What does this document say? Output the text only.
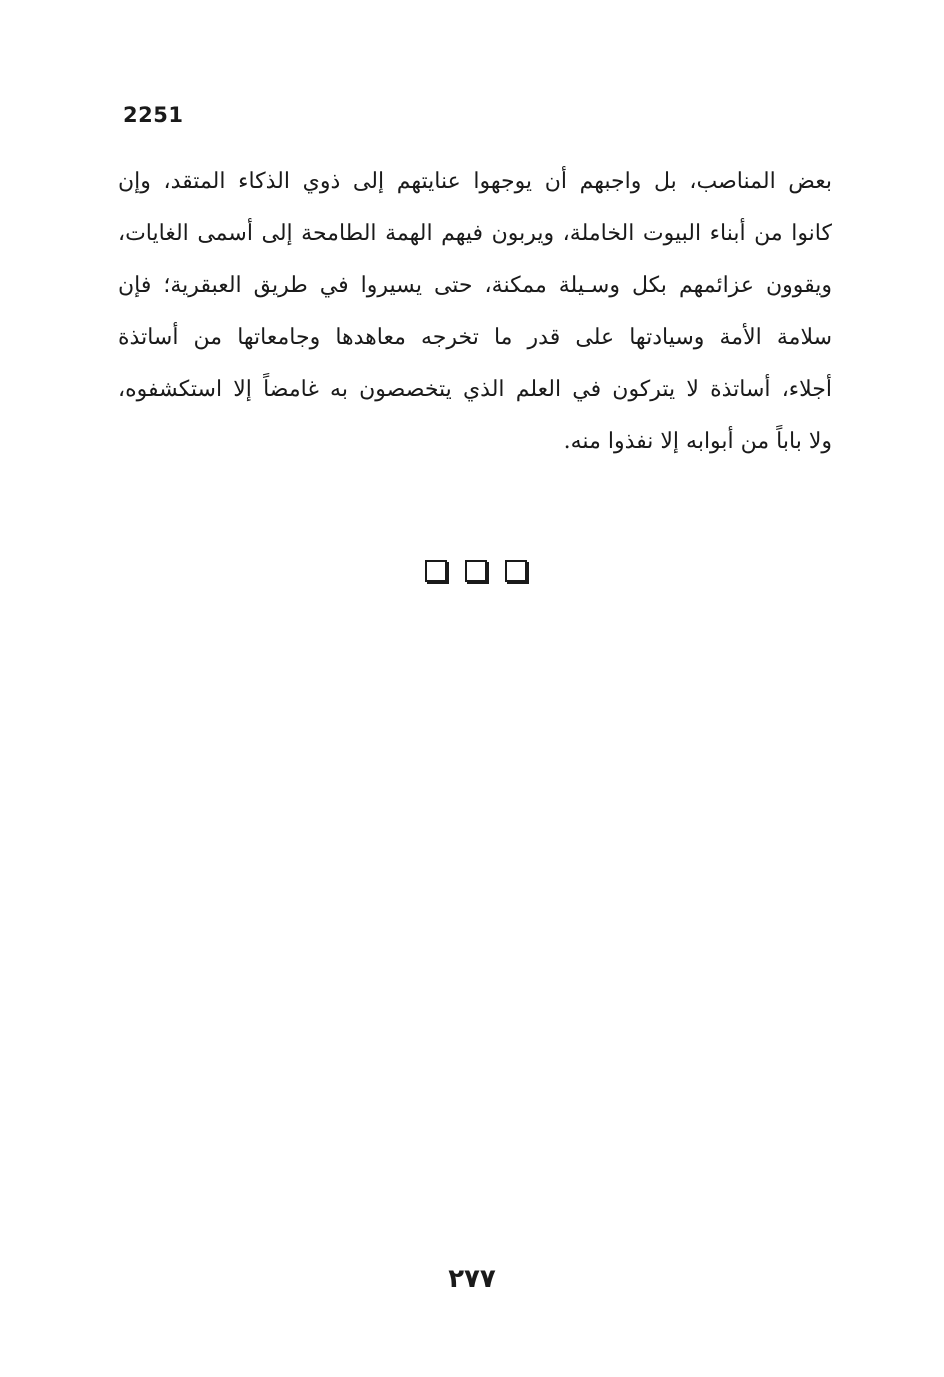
2251
بعض المناصب، بل واجبهم أن يوجهوا عنايتهم إلى ذوي الذكاء المتقد، وإن
كانوا من أبناء البيوت الخاملة، ويربون فيهم الهمة الطامحة إلى أسمى الغايات،
ويقوون عزائمهم بكل وسـيلة ممكنة، حتى يسيروا في طريق العبقرية؛ فإن
سلامة الأمة وسيادتها على قدر ما تخرجه معاهدها وجامعاتها من أساتذة
أجلاء، أساتذة لا يتركون في العلم الذي يتخصصون به غامضاً إلا استكشفوه،
ولا باباً من أبوابه إلا نفذوا منه.
٢٧٧
